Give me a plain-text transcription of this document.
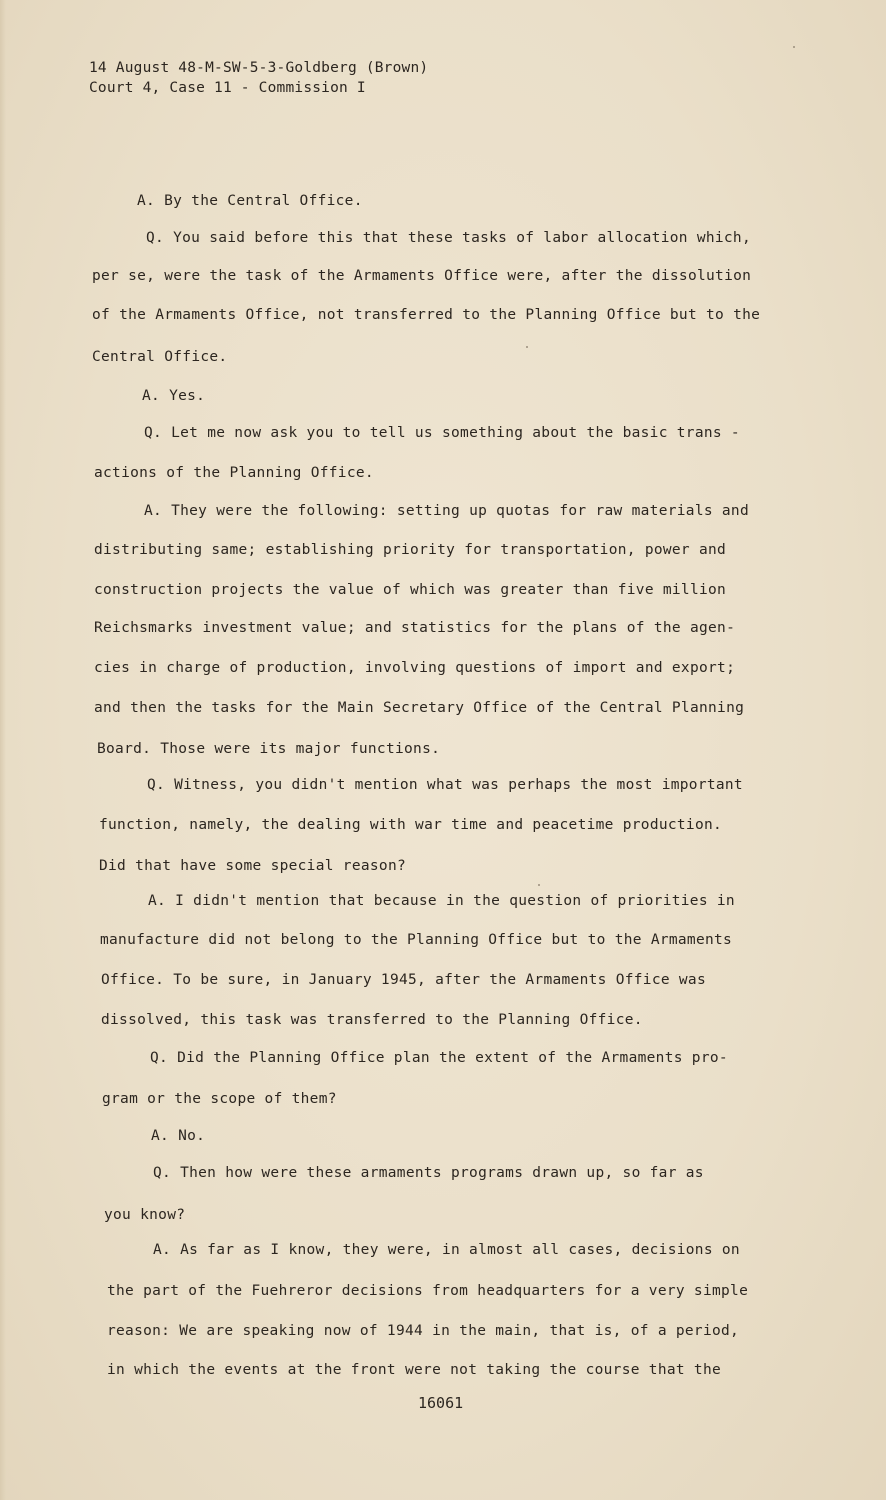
14 August 48-M-SW-5-3-Goldberg (Brown)
Court 4, Case 11 - Commission I
A. By the Central Office.
Q. You said before this that these tasks of labor allocation which,
per se, were the task of the Armaments Office were, after the dissolution
of the Armaments Office, not transferred to the Planning Office but to the
Central Office.
A. Yes.
Q. Let me now ask you to tell us something about the basic trans -
actions of the Planning Office.
A. They were the following: setting up quotas for raw materials and
distributing same; establishing priority for transportation, power and
construction projects the value of which was greater than five million
Reichsmarks investment value; and statistics for the plans of the agen-
cies in charge of production, involving questions of import and export;
and then the tasks for the Main Secretary Office of the Central Planning
Board. Those were its major functions.
Q. Witness, you didn't mention what was perhaps the most important
function, namely, the dealing with war time and peacetime production.
Did that have some special reason?
A. I didn't mention that because in the question of priorities in
manufacture did not belong to the Planning Office but to the Armaments
Office. To be sure, in January 1945, after the Armaments Office was
dissolved, this task was transferred to the Planning Office.
Q. Did the Planning Office plan the extent of the Armaments pro-
gram or the scope of them?
A. No.
Q. Then how were these armaments programs drawn up, so far as
you know?
A. As far as I know, they were, in almost all cases, decisions on
the part of the Fuehreror decisions from headquarters for a very simple
reason: We are speaking now of 1944 in the main, that is, of a period,
in which the events at the front were not taking the course that the
16061
